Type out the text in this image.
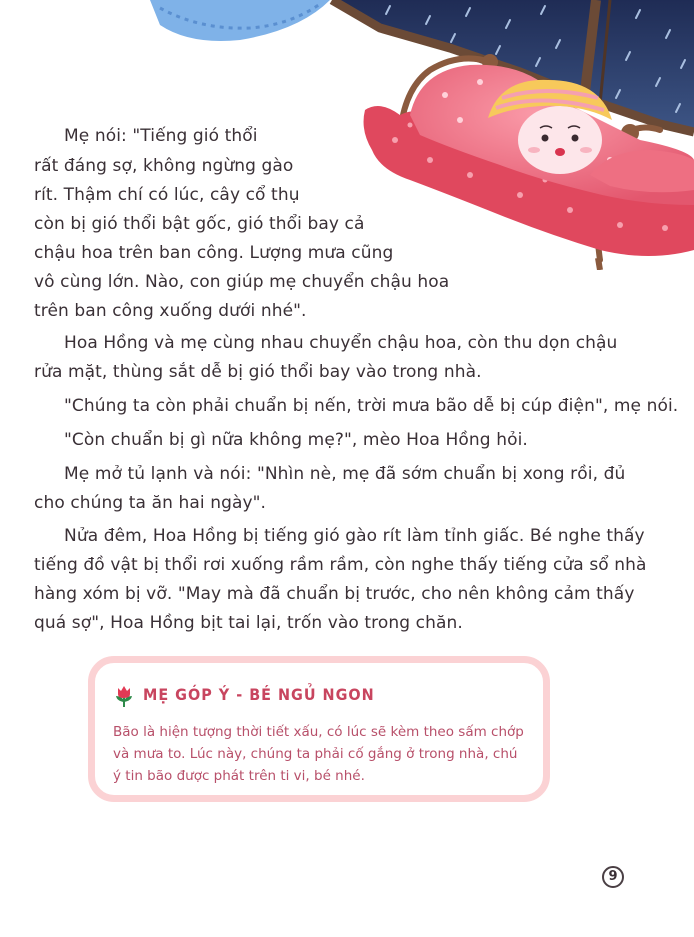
Mẹ nói: "Tiếng gió thổi
rất đáng sợ, không ngừng gào
rít. Thậm chí có lúc, cây cổ thụ
còn bị gió thổi bật gốc, gió thổi bay cả
chậu hoa trên ban công. Lượng mưa cũng
vô cùng lớn. Nào, con giúp mẹ chuyển chậu hoa
trên ban công xuống dưới nhé".
Hoa Hồng và mẹ cùng nhau chuyển chậu hoa, còn thu dọn chậu
rửa mặt, thùng sắt dễ bị gió thổi bay vào trong nhà.
"Chúng ta còn phải chuẩn bị nến, trời mưa bão dễ bị cúp điện", mẹ nói.
"Còn chuẩn bị gì nữa không mẹ?", mèo Hoa Hồng hỏi.
Mẹ mở tủ lạnh và nói: "Nhìn nè, mẹ đã sớm chuẩn bị xong rồi, đủ
cho chúng ta ăn hai ngày".
Nửa đêm, Hoa Hồng bị tiếng gió gào rít làm tỉnh giấc. Bé nghe thấy
tiếng đồ vật bị thổi rơi xuống rầm rầm, còn nghe thấy tiếng cửa sổ nhà
hàng xóm bị vỡ. "May mà đã chuẩn bị trước, cho nên không cảm thấy
quá sợ", Hoa Hồng bịt tai lại, trốn vào trong chăn.
MẸ GÓP Ý - BÉ NGỦ NGON
Bão là hiện tượng thời tiết xấu, có lúc sẽ kèm theo sấm chớp
và mưa to. Lúc này, chúng ta phải cố gắng ở trong nhà, chú
ý tin bão được phát trên ti vi, bé nhé.
9
